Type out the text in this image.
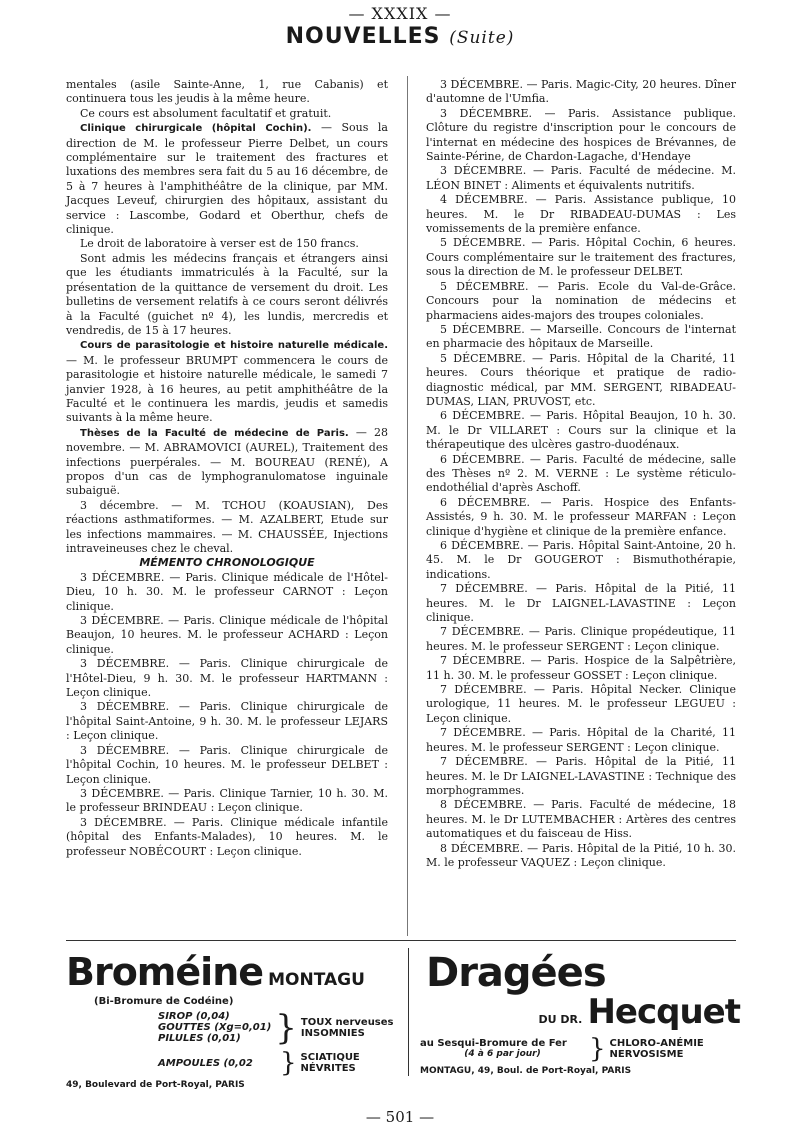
— XXXIX —
NOUVELLES (Suite)

mentales (asile Sainte-Anne, 1, rue Cabanis) et continuera tous les jeudis à la même heure.

Ce cours est absolument facultatif et gratuit.

Clinique chirurgicale (hôpital Cochin). — Sous la direction de M. le professeur Pierre Delbet, un cours complémentaire sur le traitement des fractures et luxations des membres sera fait du 5 au 16 décembre, de 5 à 7 heures à l'amphithéâtre de la clinique, par MM. Jacques Leveuf, chirurgien des hôpitaux, assistant du service : Lascombe, Godard et Oberthur, chefs de clinique.

Le droit de laboratoire à verser est de 150 francs.

Sont admis les médecins français et étrangers ainsi que les étudiants immatriculés à la Faculté, sur la présentation de la quittance de versement du droit. Les bulletins de versement relatifs à ce cours seront délivrés à la Faculté (guichet nº 4), les lundis, mercredis et vendredis, de 15 à 17 heures.

Cours de parasitologie et histoire naturelle médicale. — M. le professeur BRUMPT commencera le cours de parasitologie et histoire naturelle médicale, le samedi 7 janvier 1928, à 16 heures, au petit amphithéâtre de la Faculté et le continuera les mardis, jeudis et samedis suivants à la même heure.

Thèses de la Faculté de médecine de Paris. — 28 novembre. — M. ABRAMOVICI (AUREL), Traitement des infections puerpérales. — M. BOUREAU (RENÉ), A propos d'un cas de lymphogranulomatose inguinale subaiguë.

3 décembre. — M. TCHOU (KOAUSIAN), Des réactions asthmatiformes. — M. AZALBERT, Etude sur les infections mammaires. — M. CHAUSSÉE, Injections intraveineuses chez le cheval.

MÉMENTO CHRONOLOGIQUE

3 DÉCEMBRE. — Paris. Clinique médicale de l'Hôtel-Dieu, 10 h. 30. M. le professeur CARNOT : Leçon clinique.

3 DÉCEMBRE. — Paris. Clinique médicale de l'hôpital Beaujon, 10 heures. M. le professeur ACHARD : Leçon clinique.

3 DÉCEMBRE. — Paris. Clinique chirurgicale de l'Hôtel-Dieu, 9 h. 30. M. le professeur HARTMANN : Leçon clinique.

3 DÉCEMBRE. — Paris. Clinique chirurgicale de l'hôpital Saint-Antoine, 9 h. 30. M. le professeur LEJARS : Leçon clinique.

3 DÉCEMBRE. — Paris. Clinique chirurgicale de l'hôpital Cochin, 10 heures. M. le professeur DELBET : Leçon clinique.

3 DÉCEMBRE. — Paris. Clinique Tarnier, 10 h. 30. M. le professeur BRINDEAU : Leçon clinique.

3 DÉCEMBRE. — Paris. Clinique médicale infantile (hôpital des Enfants-Malades), 10 heures. M. le professeur NOBÉCOURT : Leçon clinique.

3 DÉCEMBRE. — Paris. Magic-City, 20 heures. Dîner d'automne de l'Umfia.

3 DÉCEMBRE. — Paris. Assistance publique. Clôture du registre d'inscription pour le concours de l'internat en médecine des hospices de Brévannes, de Sainte-Périne, de Chardon-Lagache, d'Hendaye

3 DÉCEMBRE. — Paris. Faculté de médecine. M. LÉON BINET : Aliments et équivalents nutritifs.

4 DÉCEMBRE. — Paris. Assistance publique, 10 heures. M. le Dr RIBADEAU-DUMAS : Les vomissements de la première enfance.

5 DÉCEMBRE. — Paris. Hôpital Cochin, 6 heures. Cours complémentaire sur le traitement des fractures, sous la direction de M. le professeur DELBET.

5 DÉCEMBRE. — Paris. Ecole du Val-de-Grâce. Concours pour la nomination de médecins et pharmaciens aides-majors des troupes coloniales.

5 DÉCEMBRE. — Marseille. Concours de l'internat en pharmacie des hôpitaux de Marseille.

5 DÉCEMBRE. — Paris. Hôpital de la Charité, 11 heures. Cours théorique et pratique de radio-diagnostic médical, par MM. SERGENT, RIBADEAU-DUMAS, LIAN, PRUVOST, etc.

6 DÉCEMBRE. — Paris. Hôpital Beaujon, 10 h. 30. M. le Dr VILLARET : Cours sur la clinique et la thérapeutique des ulcères gastro-duodénaux.

6 DÉCEMBRE. — Paris. Faculté de médecine, salle des Thèses nº 2. M. VERNE : Le système réticulo-endothélial d'après Aschoff.

6 DÉCEMBRE. — Paris. Hospice des Enfants-Assistés, 9 h. 30. M. le professeur MARFAN : Leçon clinique d'hygiène et clinique de la première enfance.

6 DÉCEMBRE. — Paris. Hôpital Saint-Antoine, 20 h. 45. M. le Dr GOUGEROT : Bismuthothérapie, indications.

7 DÉCEMBRE. — Paris. Hôpital de la Pitié, 11 heures. M. le Dr LAIGNEL-LAVASTINE : Leçon clinique.

7 DÉCEMBRE. — Paris. Clinique propédeutique, 11 heures. M. le professeur SERGENT : Leçon clinique.

7 DÉCEMBRE. — Paris. Hospice de la Salpêtrière, 11 h. 30. M. le professeur GOSSET : Leçon clinique.

7 DÉCEMBRE. — Paris. Hôpital Necker. Clinique urologique, 11 heures. M. le professeur LEGUEU : Leçon clinique.

7 DÉCEMBRE. — Paris. Hôpital de la Charité, 11 heures. M. le professeur SERGENT : Leçon clinique.

7 DÉCEMBRE. — Paris. Hôpital de la Pitié, 11 heures. M. le Dr LAIGNEL-LAVASTINE : Technique des morphogrammes.

8 DÉCEMBRE. — Paris. Faculté de médecine, 18 heures. M. le Dr LUTEMBACHER : Artères des centres automatiques et du faisceau de Hiss.

8 DÉCEMBRE. — Paris. Hôpital de la Pitié, 10 h. 30. M. le professeur VAQUEZ : Leçon clinique.

Broméine MONTAGU
(Bi-Bromure de Codéine)
SIROP (0,04)
GOUTTES (Xg=0,01)
PILULES (0,01)	} TOUX nerveuses
INSOMNIES
AMPOULES (0,02	} SCIATIQUE
NÉVRITES
49, Boulevard de Port-Royal, PARIS
Dragées
DU DR. Hecquet
au Sesqui-Bromure de Fer
(4 à 6 par jour)	} CHLORO-ANÉMIE
NERVOSISME
MONTAGU, 49, Boul. de Port-Royal, PARIS
— 501 —
